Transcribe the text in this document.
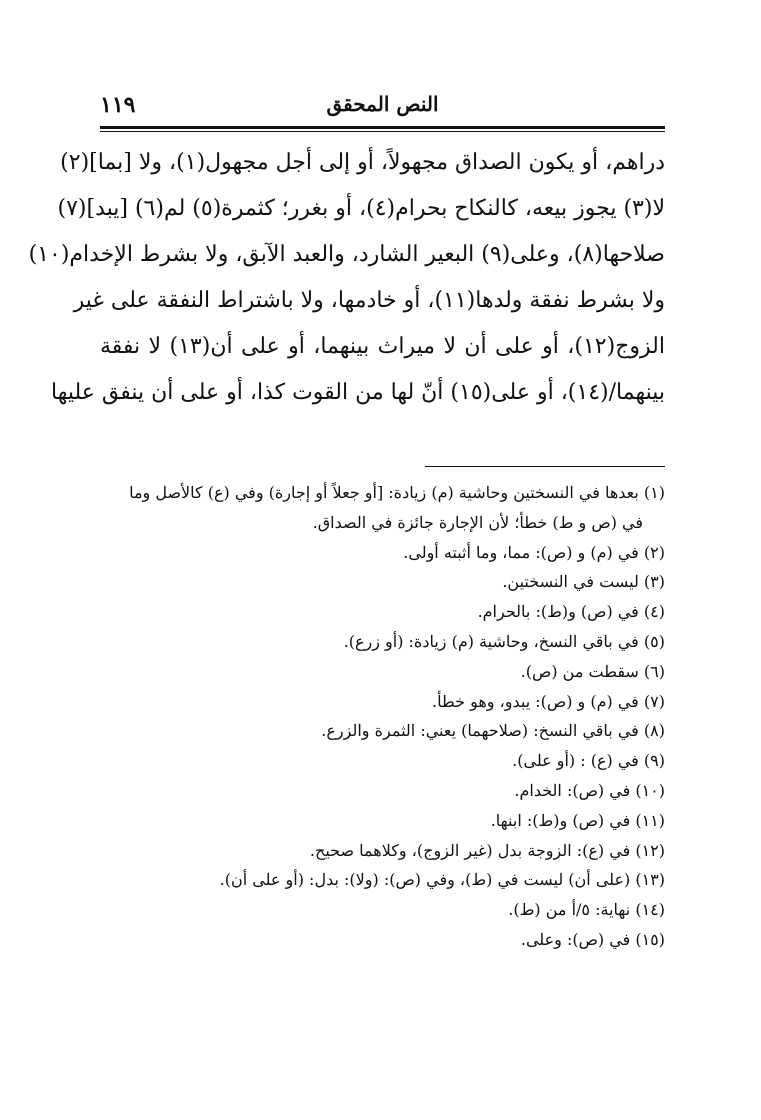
١١٩	النص المحقق
دراهم، أو يكون الصداق مجهولاً، أو إلى أجل مجهول(١)، ولا [بما](٢)
لا(٣) يجوز بيعه، كالنكاح بحرام(٤)، أو بغرر؛ كثمرة(٥) لم(٦) [يبد](٧)
صلاحها(٨)، وعلى(٩) البعير الشارد، والعبد الآبق، ولا بشرط الإخدام(١٠)
ولا بشرط نفقة ولدها(١١)، أو خادمها، ولا باشتراط النفقة على غير
الزوج(١٢)، أو على أن لا ميراث بينهما، أو على أن(١٣) لا نفقة
بينهما/(١٤)، أو على(١٥) أنّ لها من القوت كذا، أو على أن ينفق عليها
(١) بعدها في النسختين وحاشية (م) زيادة: [أو جعلاً أو إجارة) وفي (ع) كالأصل وما
في (ص و ط) خطأ؛ لأن الإجارة جائزة في الصداق.
(٢) في (م) و (ص): مما، وما أثبته أولى.
(٣) ليست في النسختين.
(٤) في (ص) و(ط): بالحرام.
(٥) في باقي النسخ، وحاشية (م) زيادة: (أو زرع).
(٦) سقطت من (ص).
(٧) في (م) و (ص): يبدو، وهو خطأ.
(٨) في باقي النسخ: (صلاحهما) يعني: الثمرة والزرع.
(٩) في (ع) : (أو على).
(١٠) في (ص): الخدام.
(١١) في (ص) و(ط): ابنها.
(١٢) في (ع): الزوجة بدل (غير الزوج)، وكلاهما صحيح.
(١٣) (على أن) ليست في (ط)، وفي (ص): (ولا): بدل: (أو على أن).
(١٤) نهاية: ٥/أ من (ط).
(١٥) في (ص): وعلى.
